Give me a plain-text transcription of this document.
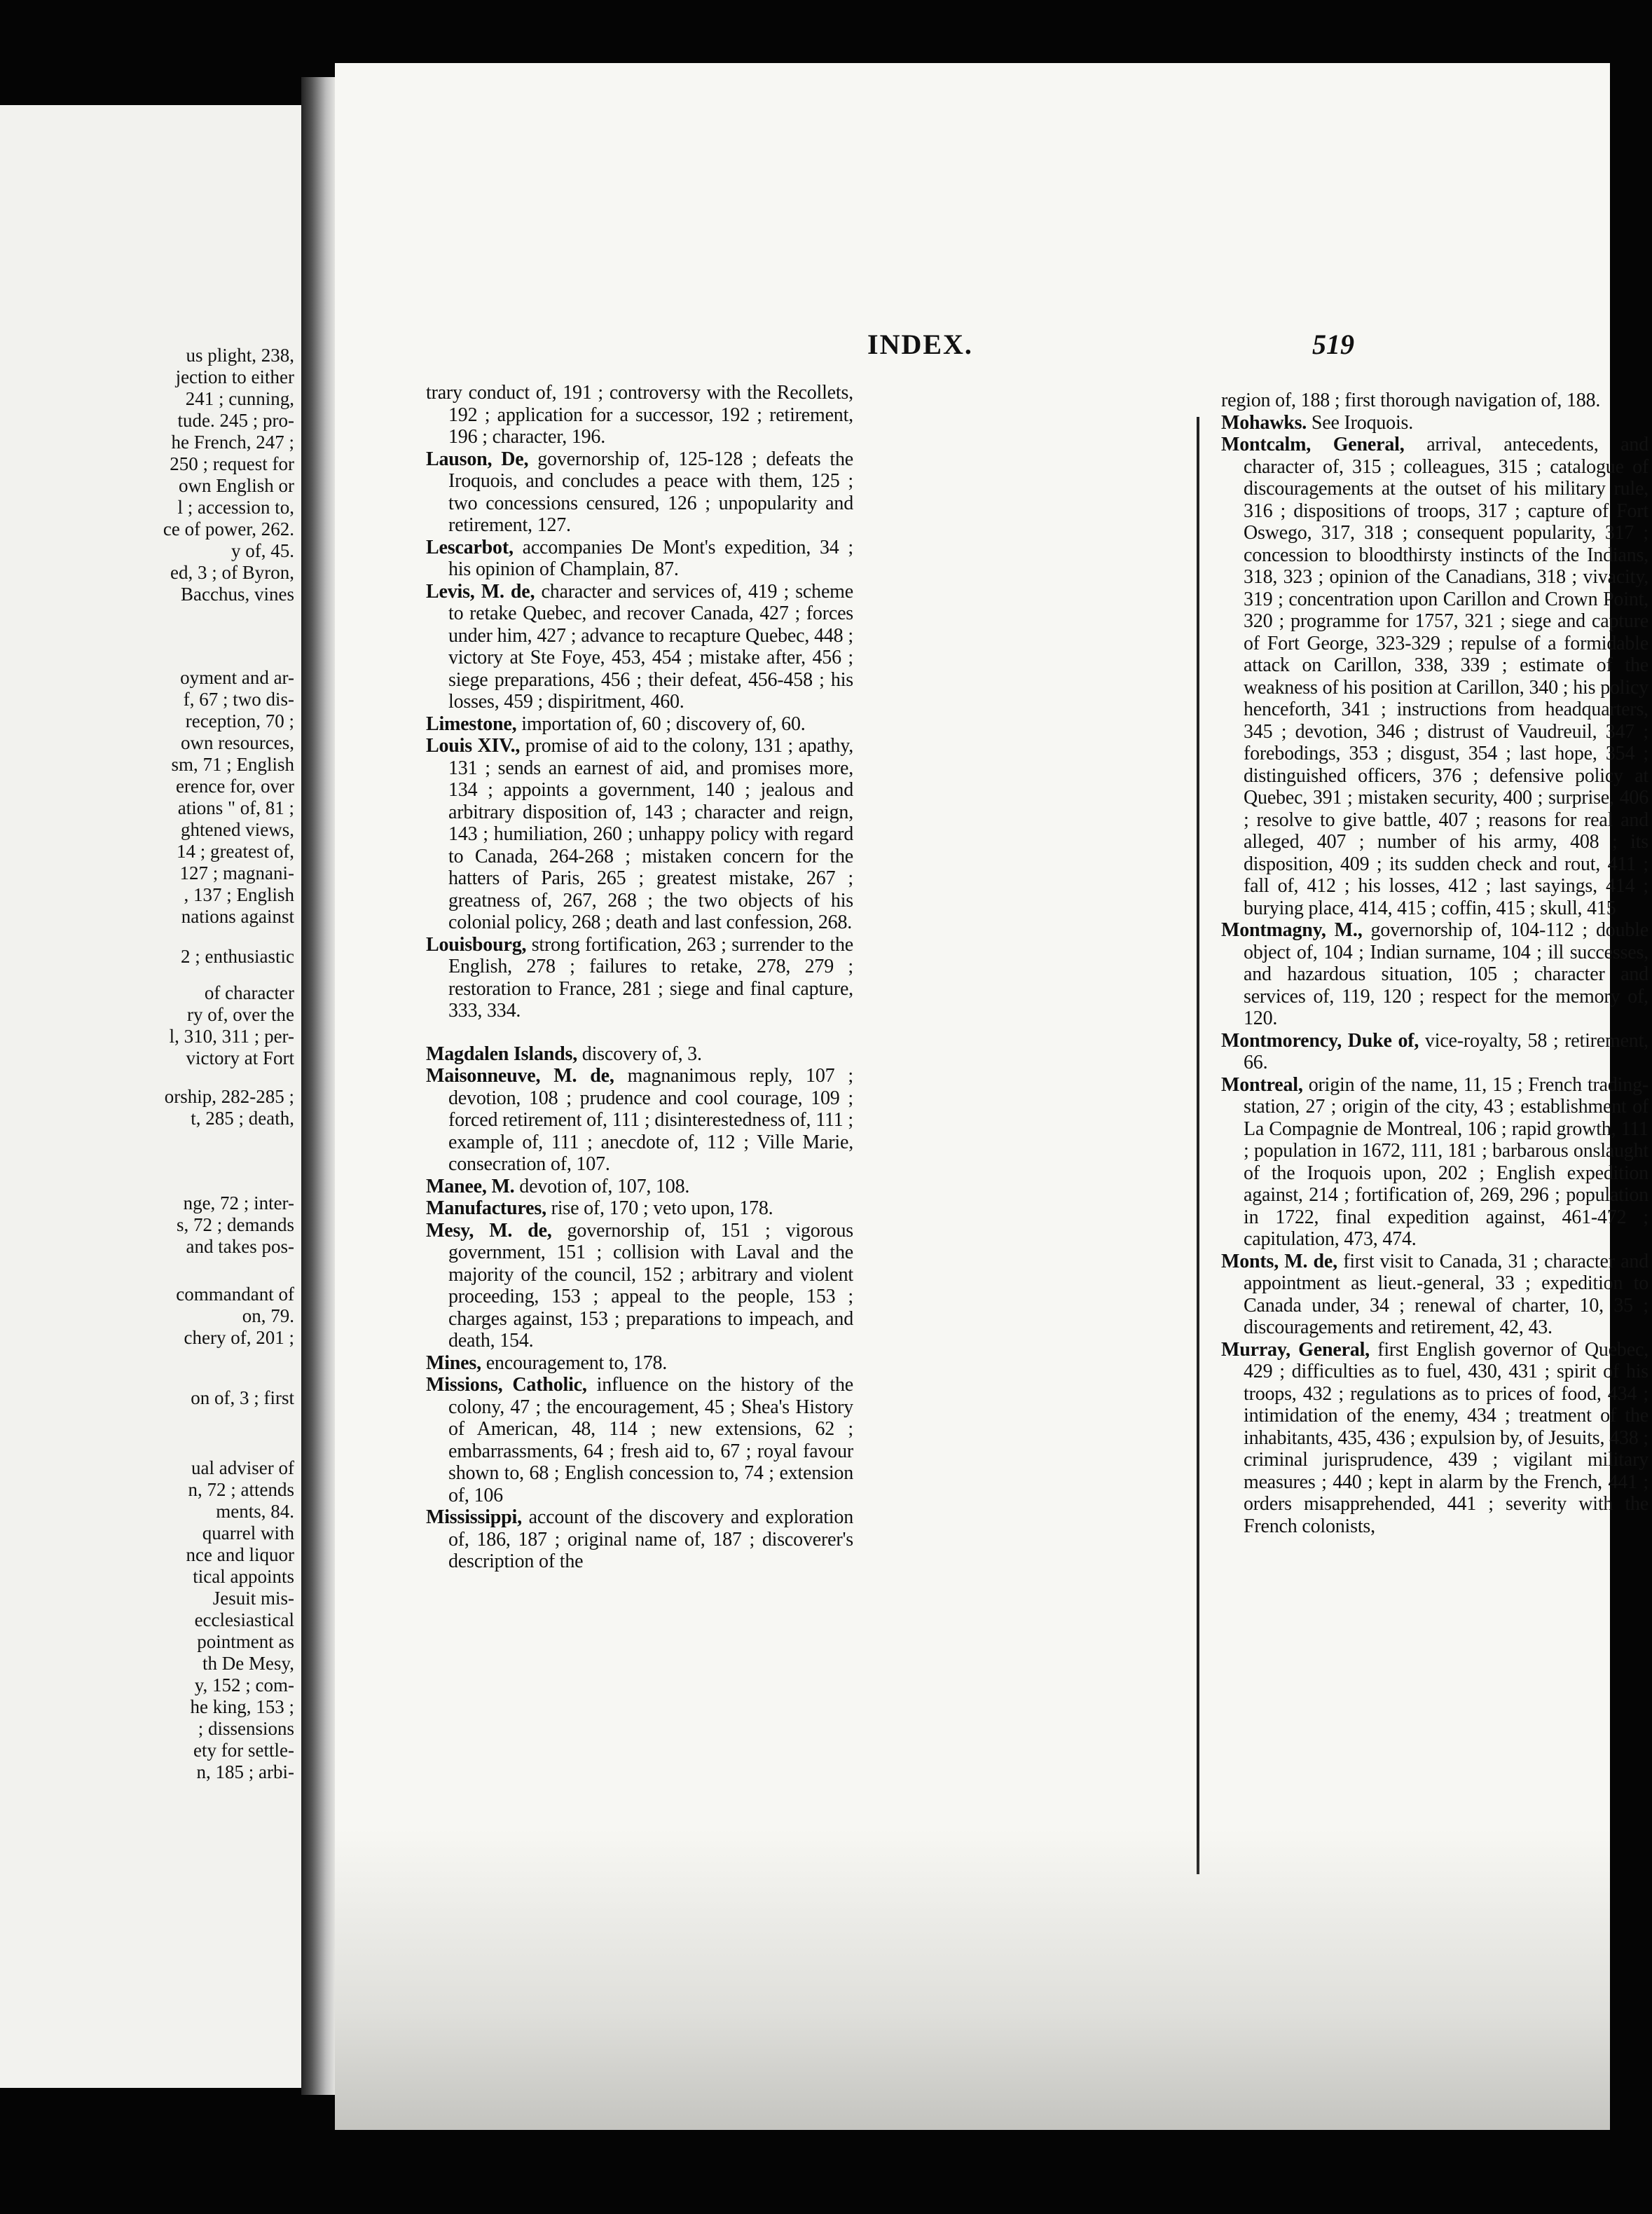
us plight, 238,
jection to either
241 ; cunning,
tude. 245 ; pro-
he French, 247 ;
250 ; request for
own English or
l ; accession to,
ce of power, 262.
y of, 45.
ed, 3 ; of Byron,
Bacchus, vines
oyment and ar-
f, 67 ; two dis-
reception, 70 ;
own resources,
sm, 71 ; English
erence for, over
ations " of, 81 ;
ghtened views,
14 ; greatest of,
127 ; magnani-
, 137 ; English
nations against
2 ; enthusiastic
of character
ry of, over the
l, 310, 311 ; per-
victory at Fort
orship, 282-285 ;
t, 285 ; death,
nge, 72 ; inter-
s, 72 ; demands
and takes pos-
commandant of
on, 79.
chery of, 201 ;
on of, 3 ; first
ual adviser of
n, 72 ; attends
ments, 84.
quarrel with
nce and liquor
tical appoints
Jesuit mis-
ecclesiastical
pointment as
th De Mesy,
y, 152 ; com-
he king, 153 ;
; dissensions
ety for settle-
n, 185 ; arbi-
INDEX.	519

trary conduct of, 191 ; controversy with the Recollets, 192 ; application for a successor, 192 ; retirement, 196 ; character, 196.

Lauson, De, governorship of, 125-128 ; defeats the Iroquois, and concludes a peace with them, 125 ; two concessions censured, 126 ; unpopularity and retirement, 127.

Lescarbot, accompanies De Mont's expedition, 34 ; his opinion of Champlain, 87.

Levis, M. de, character and services of, 419 ; scheme to retake Quebec, and recover Canada, 427 ; forces under him, 427 ; advance to recapture Quebec, 448 ; victory at Ste Foye, 453, 454 ; mistake after, 456 ; siege preparations, 456 ; their defeat, 456-458 ; his losses, 459 ; dispiritment, 460.

Limestone, importation of, 60 ; discovery of, 60.

Louis XIV., promise of aid to the colony, 131 ; apathy, 131 ; sends an earnest of aid, and promises more, 134 ; appoints a government, 140 ; jealous and arbitrary disposition of, 143 ; character and reign, 143 ; humiliation, 260 ; unhappy policy with regard to Canada, 264-268 ; mistaken concern for the hatters of Paris, 265 ; greatest mistake, 267 ; greatness of, 267, 268 ; the two objects of his colonial policy, 268 ; death and last confession, 268.

Louisbourg, strong fortification, 263 ; surrender to the English, 278 ; failures to retake, 278, 279 ; restoration to France, 281 ; siege and final capture, 333, 334.

Magdalen Islands, discovery of, 3.

Maisonneuve, M. de, magnanimous reply, 107 ; devotion, 108 ; prudence and cool courage, 109 ; forced retirement of, 111 ; disinterestedness of, 111 ; example of, 111 ; anecdote of, 112 ; Ville Marie, consecration of, 107.

Manee, M. devotion of, 107, 108.

Manufactures, rise of, 170 ; veto upon, 178.

Mesy, M. de, governorship of, 151 ; vigorous government, 151 ; collision with Laval and the majority of the council, 152 ; arbitrary and violent proceeding, 153 ; appeal to the people, 153 ; charges against, 153 ; preparations to impeach, and death, 154.

Mines, encouragement to, 178.

Missions, Catholic, influence on the history of the colony, 47 ; the encouragement, 45 ; Shea's History of American, 48, 114 ; new extensions, 62 ; embarrassments, 64 ; fresh aid to, 67 ; royal favour shown to, 68 ; English concession to, 74 ; extension of, 106

Mississippi, account of the discovery and exploration of, 186, 187 ; original name of, 187 ; discoverer's description of the

region of, 188 ; first thorough navigation of, 188.

Mohawks. See Iroquois.

Montcalm, General, arrival, antecedents, and character of, 315 ; colleagues, 315 ; catalogue of discouragements at the outset of his military rule, 316 ; dispositions of troops, 317 ; capture of Fort Oswego, 317, 318 ; consequent popularity, 317 ; concession to bloodthirsty instincts of the Indians, 318, 323 ; opinion of the Canadians, 318 ; vivacity, 319 ; concentration upon Carillon and Crown Point, 320 ; programme for 1757, 321 ; siege and capture of Fort George, 323-329 ; repulse of a formidable attack on Carillon, 338, 339 ; estimate of the weakness of his position at Carillon, 340 ; his policy henceforth, 341 ; instructions from headquarters, 345 ; devotion, 346 ; distrust of Vaudreuil, 347 ; forebodings, 353 ; disgust, 354 ; last hope, 354 ; distinguished officers, 376 ; defensive policy at Quebec, 391 ; mistaken security, 400 ; surprise, 406 ; resolve to give battle, 407 ; reasons for real and alleged, 407 ; number of his army, 408 ; its disposition, 409 ; its sudden check and rout, 411 ; fall of, 412 ; his losses, 412 ; last sayings, 414 ; burying place, 414, 415 ; coffin, 415 ; skull, 415

Montmagny, M., governorship of, 104-112 ; double object of, 104 ; Indian surname, 104 ; ill successes, and hazardous situation, 105 ; character and services of, 119, 120 ; respect for the memory of, 120.

Montmorency, Duke of, vice-royalty, 58 ; retirement, 66.

Montreal, origin of the name, 11, 15 ; French trading-station, 27 ; origin of the city, 43 ; establishment of La Compagnie de Montreal, 106 ; rapid growth, 111 ; population in 1672, 111, 181 ; barbarous onslaught of the Iroquois upon, 202 ; English expedition against, 214 ; fortification of, 269, 296 ; population in 1722, final expedition against, 461-472 ; capitulation, 473, 474.

Monts, M. de, first visit to Canada, 31 ; character and appointment as lieut.-general, 33 ; expedition to Canada under, 34 ; renewal of charter, 10, 35 ; discouragements and retirement, 42, 43.

Murray, General, first English governor of Quebec, 429 ; difficulties as to fuel, 430, 431 ; spirit of his troops, 432 ; regulations as to prices of food, 434 ; intimidation of the enemy, 434 ; treatment of the inhabitants, 435, 436 ; expulsion by, of Jesuits, 438 ; criminal jurisprudence, 439 ; vigilant military measures ; 440 ; kept in alarm by the French, 441 ; orders misapprehended, 441 ; severity with the French colonists,
